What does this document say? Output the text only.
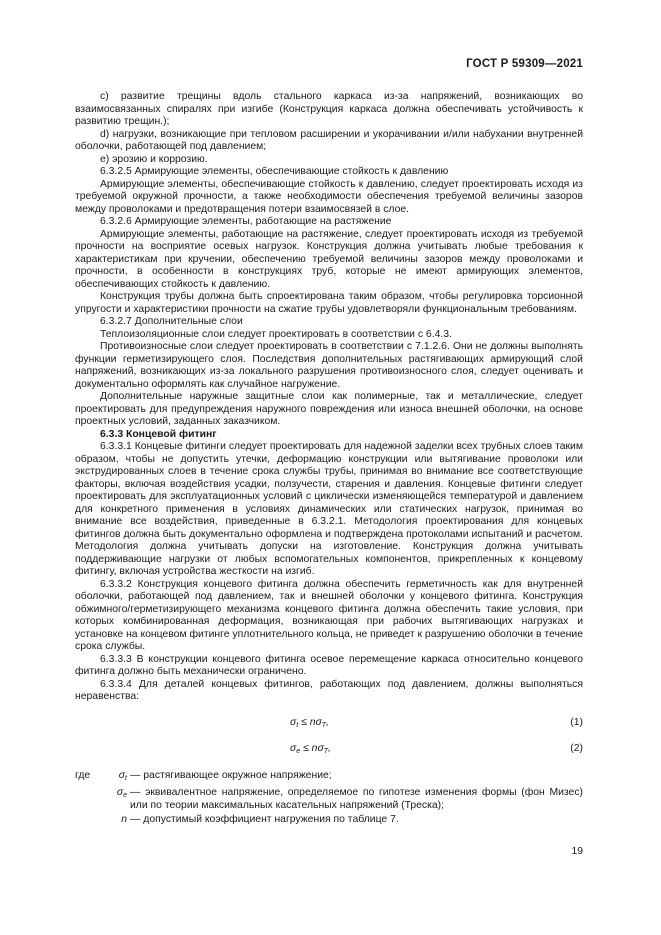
ГОСТ Р 59309—2021

c) развитие трещины вдоль стального каркаса из-за напряжений, возникающих во взаимосвязанных спиралях при изгибе (Конструкция каркаса должна обеспечивать устойчивость к развитию трещин.);

d) нагрузки, возникающие при тепловом расширении и укорачивании и/или набухании внутренней оболочки, работающей под давлением;

e) эрозию и коррозию.

6.3.2.5 Армирующие элементы, обеспечивающие стойкость к давлению

Армирующие элементы, обеспечивающие стойкость к давлению, следует проектировать исходя из требуемой окружной прочности, а также необходимости обеспечения требуемой величины зазоров между проволоками и предотвращения потери взаимосвязей в слое.

6.3.2.6 Армирующие элементы, работающие на растяжение

Армирующие элементы, работающие на растяжение, следует проектировать исходя из требуемой прочности на восприятие осевых нагрузок. Конструкция должна учитывать любые требования к характеристикам при кручении, обеспечению требуемой величины зазоров между проволоками и прочности, в особенности в конструкциях труб, которые не имеют армирующих элементов, обеспечивающих стойкость к давлению.

Конструкция трубы должна быть спроектирована таким образом, чтобы регулировка торсионной упругости и характеристики прочности на сжатие трубы удовлетворяли функциональным требованиям.

6.3.2.7 Дополнительные слои

Теплоизоляционные слои следует проектировать в соответствии с 6.4.3.

Противоизносные слои следует проектировать в соответствии с 7.1.2.6. Они не должны выполнять функции герметизирующего слоя. Последствия дополнительных растягивающих армирующий слой напряжений, возникающих из-за локального разрушения противоизносного слоя, следует оценивать и документально оформлять как случайное нагружение.

Дополнительные наружные защитные слои как полимерные, так и металлические, следует проектировать для предупреждения наружного повреждения или износа внешней оболочки, на основе проектных условий, заданных заказчиком.

6.3.3 Концевой фитинг

6.3.3.1 Концевые фитинги следует проектировать для надежной заделки всех трубных слоев таким образом, чтобы не допустить утечки, деформацию конструкции или вытягивание проволоки или экструдированных слоев в течение срока службы трубы, принимая во внимание все соответствующие факторы, включая воздействия усадки, ползучести, старения и давления. Концевые фитинги следует проектировать для эксплуатационных условий с циклически изменяющейся температурой и давлением для конкретного применения в условиях динамических или статических нагрузок, принимая во внимание все воздействия, приведенные в 6.3.2.1. Методология проектирования для концевых фитингов должна быть документально оформлена и подтверждена протоколами испытаний и расчетом. Методология должна учитывать допуски на изготовление. Конструкция должна учитывать поддерживающие нагрузки от любых вспомогательных компонентов, прикрепленных к концевому фитингу, включая устройства жесткости на изгиб.

6.3.3.2 Конструкция концевого фитинга должна обеспечить герметичность как для внутренней оболочки, работающей под давлением, так и внешней оболочки у концевого фитинга. Конструкция обжимного/герметизирующего механизма концевого фитинга должна обеспечить такие условия, при которых комбинированная деформация, возникающая при рабочих вытягивающих нагрузках и установке на концевом фитинге уплотнительного кольца, не приведет к разрушению оболочки в течение срока службы.

6.3.3.3 В конструкции концевого фитинга осевое перемещение каркаса относительно концевого фитинга должно быть механически ограничено.

6.3.3.4 Для деталей концевых фитингов, работающих под давлением, должны выполняться неравенства:

$\sigma_t \le n\sigma_T$,	(1)
$\sigma_e \le n\sigma_T$,	(2)
где	$\sigma_t$ — растягивающее окружное напряжение;
$\sigma_e$ — эквивалентное напряжение, определяемое по гипотезе изменения формы (фон Мизес) или по теории максимальных касательных напряжений (Треска);
n — допустимый коэффициент нагружения по таблице 7.
19
